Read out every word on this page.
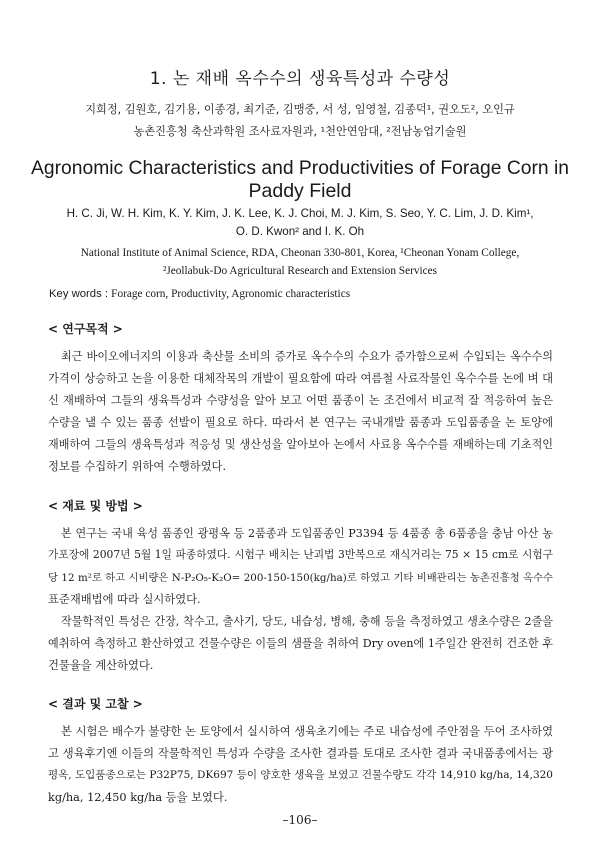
1. 논 재배 옥수수의 생육특성과 수량성
지희정, 김원호, 김기용, 이종경, 최기준, 김맹중, 서 성, 임영철, 김종덕¹, 권오도², 오인규
농촌진흥청 축산과학원 조사료자원과, ¹천안연암대, ²전남농업기술원
Agronomic Characteristics and Productivities of Forage Corn in
Paddy Field
H. C. Ji, W. H. Kim, K. Y. Kim, J. K. Lee, K. J. Choi, M. J. Kim, S. Seo, Y. C. Lim, J. D. Kim¹,
O. D. Kwon² and I. K. Oh
National Institute of Animal Science, RDA, Cheonan 330-801, Korea, ¹Cheonan Yonam College,
²Jeollabuk-Do Agricultural Research and Extension Services
Key words : Forage corn, Productivity, Agronomic characteristics
< 연구목적 >
최근 바이오에너지의 이용과 축산물 소비의 증가로 옥수수의 수요가 증가함으로써 수입되는 옥수수의
가격이 상승하고 논을 이용한 대체작목의 개발이 필요함에 따라 여름철 사료작물인 옥수수를 논에 벼 대
신 재배하여 그들의 생육특성과 수량성을 알아 보고 어떤 품종이 논 조건에서 비교적 잘 적응하여 높은
수량을 낼 수 있는 품종 선발이 필요로 하다. 따라서 본 연구는 국내개발 품종과 도입품종을 논 토양에
재배하여 그들의 생육특성과 적응성 및 생산성을 알아보아 논에서 사료용 옥수수를 재배하는데 기초적인
정보를 수집하기 위하여 수행하였다.
< 재료 및 방법 >
본 연구는 국내 육성 품종인 광평옥 등 2품종과 도입품종인 P3394 등 4품종 총 6품종을 충남 아산 농
가포장에 2007년 5월 1일 파종하였다. 시험구 배치는 난괴법 3반복으로 재식거리는 75 × 15 cm로 시험구
당 12 m²로 하고 시비량은 N-P₂O₅-K₂O= 200-150-150(kg/ha)로 하였고 기타 비배관리는 농촌진흥청 옥수수
표준재배법에 따라 실시하였다.
작물학적인 특성은 간장, 착수고, 출사기, 당도, 내습성, 병해, 충해 등을 측정하였고 생초수량은 2줄을
예취하여 측정하고 환산하였고 건물수량은 이들의 샘플을 취하여 Dry oven에 1주일간 완전히 건조한 후
건물율을 계산하였다.
< 결과 및 고찰 >
본 시험은 배수가 불량한 논 토양에서 실시하여 생육초기에는 주로 내습성에 주안점을 두어 조사하였
고 생육후기엔 이들의 작물학적인 특성과 수량을 조사한 결과를 토대로 조사한 결과 국내품종에서는 광
평옥, 도입품종으로는 P32P75, DK697 등이 양호한 생육을 보였고 건물수량도 각각 14,910 kg/ha, 14,320
kg/ha, 12,450 kg/ha 등을 보였다.
–106–
